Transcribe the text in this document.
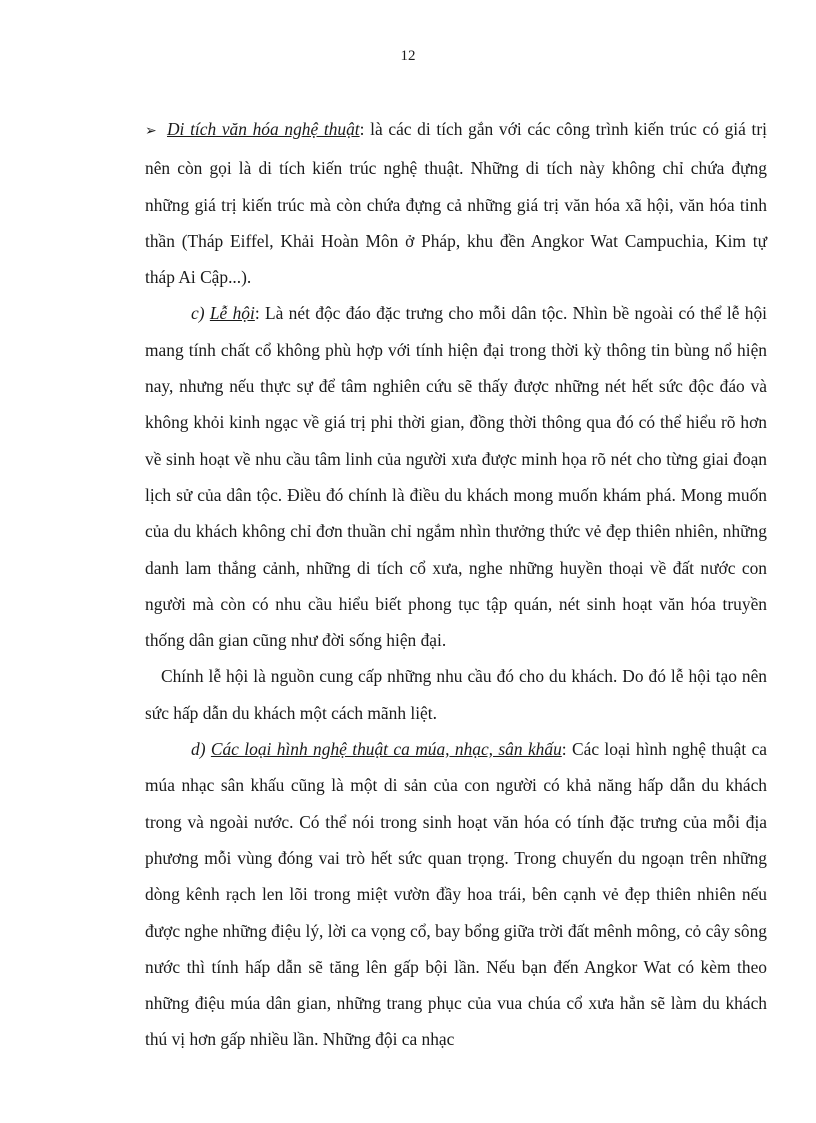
12

➢ Di tích văn hóa nghệ thuật: là các di tích gắn với các công trình kiến trúc có giá trị nên còn gọi là di tích kiến trúc nghệ thuật. Những di tích này không chỉ chứa đựng những giá trị kiến trúc mà còn chứa đựng cả những giá trị văn hóa xã hội, văn hóa tinh thần (Tháp Eiffel, Khải Hoàn Môn ở Pháp, khu đền Angkor Wat Campuchia, Kim tự tháp Ai Cập...).

c) Lễ hội: Là nét độc đáo đặc trưng cho mỗi dân tộc. Nhìn bề ngoài có thể lễ hội mang tính chất cổ không phù hợp với tính hiện đại trong thời kỳ thông tin bùng nổ hiện nay, nhưng nếu thực sự để tâm nghiên cứu sẽ thấy được những nét hết sức độc đáo và không khỏi kinh ngạc về giá trị phi thời gian, đồng thời thông qua đó có thể hiểu rõ hơn về sinh hoạt về nhu cầu tâm linh của người xưa được minh họa rõ nét cho từng giai đoạn lịch sử của dân tộc. Điều đó chính là điều du khách mong muốn khám phá. Mong muốn của du khách không chỉ đơn thuần chỉ ngắm nhìn thưởng thức vẻ đẹp thiên nhiên, những danh lam thắng cảnh, những di tích cổ xưa, nghe những huyền thoại về đất nước con người mà còn có nhu cầu hiểu biết phong tục tập quán, nét sinh hoạt văn hóa truyền thống dân gian cũng như đời sống hiện đại.

Chính lễ hội là nguồn cung cấp những nhu cầu đó cho du khách. Do đó lễ hội tạo nên sức hấp dẫn du khách một cách mãnh liệt.

d) Các loại hình nghệ thuật ca múa, nhạc, sân khấu: Các loại hình nghệ thuật ca múa nhạc sân khấu cũng là một di sản của con người có khả năng hấp dẫn du khách trong và ngoài nước. Có thể nói trong sinh hoạt văn hóa có tính đặc trưng của mỗi địa phương mỗi vùng đóng vai trò hết sức quan trọng. Trong chuyến du ngoạn trên những dòng kênh rạch len lõi trong miệt vườn đầy hoa trái, bên cạnh vẻ đẹp thiên nhiên nếu được nghe những điệu lý, lời ca vọng cổ, bay bổng giữa trời đất mênh mông, cỏ cây sông nước thì tính hấp dẫn sẽ tăng lên gấp bội lần. Nếu bạn đến Angkor Wat có kèm theo những điệu múa dân gian, những trang phục của vua chúa cổ xưa hẳn sẽ làm du khách thú vị hơn gấp nhiều lần. Những đội ca nhạc
